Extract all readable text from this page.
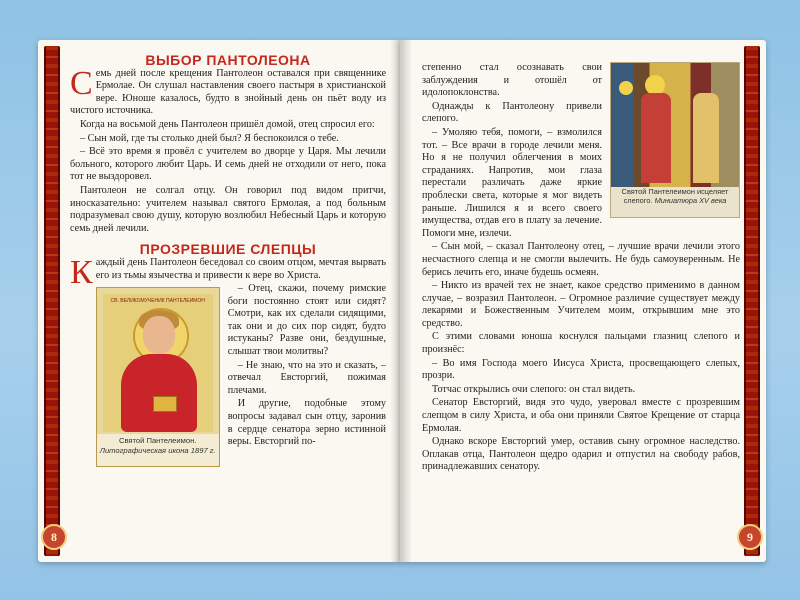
8

ВЫБОР ПАНТОЛЕОНА

Семь дней после крещения Пантолеон оставался при священнике Ермолае. Он слушал наставления своего пастыря в христианской вере. Юноше казалось, будто в знойный день он пьёт воду из чистого источника.

Когда на восьмой день Пантолеон пришёл домой, отец спросил его:

– Сын мой, где ты столько дней был? Я беспокоился о тебе.

– Всё это время я провёл с учителем во дворце у Царя. Мы лечили больного, которого любит Царь. И семь дней не отходили от него, пока тот не выздоровел.

Пантолеон не солгал отцу. Он говорил под видом притчи, иносказательно: учителем называл святого Ермолая, а под больным подразумевал свою душу, которую возлюбил Небесный Царь и которую семь дней лечили.

ПРОЗРЕВШИЕ СЛЕПЦЫ

Каждый день Пантолеон беседовал со своим отцом, мечтая вырвать его из тьмы язычества и привести к вере во Христа.

СВ. ВЕЛИКОМУЧЕНИК ПАНТЕЛЕИМОН
Святой Пантелеимон.
Литографическая икона 1897 г.

– Отец, скажи, почему римские боги постоянно стоят или сидят? Смотри, как их сделали сидящими, так они и до сих пор сидят, будто истуканы? Разве они, бездушные, слышат твои молитвы?

– Не знаю, что на это и сказать, – отвечал Евсторгий, пожимая плечами.

И другие, подобные этому вопросы задавал сын отцу, заронив в сердце сенатора зерно истинной веры. Евсторгий по-

9
Святой Пантелеимон исцеляет
слепого. Миниатюра XV века

степенно стал осознавать свои заблуждения и отошёл от идолопоклонства.

Однажды к Пантолеону привели слепого.

– Умоляю тебя, помоги, – взмолился тот. – Все врачи в городе лечили меня. Но я не получил облегчения в моих страданиях. Напротив, мои глаза перестали различать даже яркие проблески света, которые я мог видеть раньше. Лишился я и всего своего имущества, отдав его в плату за лечение. Помоги мне, излечи.

– Сын мой, – сказал Пантолеону отец, – лучшие врачи лечили этого несчастного слепца и не смогли вылечить. Не будь самоуверенным. Не берись лечить его, иначе будешь осмеян.

– Никто из врачей тех не знает, какое средство применимо в данном случае, – возразил Пантолеон. – Огромное различие существует между лекарями и Божественным Учителем моим, открывшим мне это средство.

С этими словами юноша коснулся пальцами глазниц слепого и произнёс:

– Во имя Господа моего Иисуса Христа, просвещающего слепых, прозри.

Тотчас открылись очи слепого: он стал видеть.

Сенатор Евсторгий, видя это чудо, уверовал вместе с прозревшим слепцом в силу Христа, и оба они приняли Святое Крещение от старца Ермолая.

Однако вскоре Евсторгий умер, оставив сыну огромное наследство. Оплакав отца, Пантолеон щедро одарил и отпустил на свободу рабов, принадлежавших сенатору.
